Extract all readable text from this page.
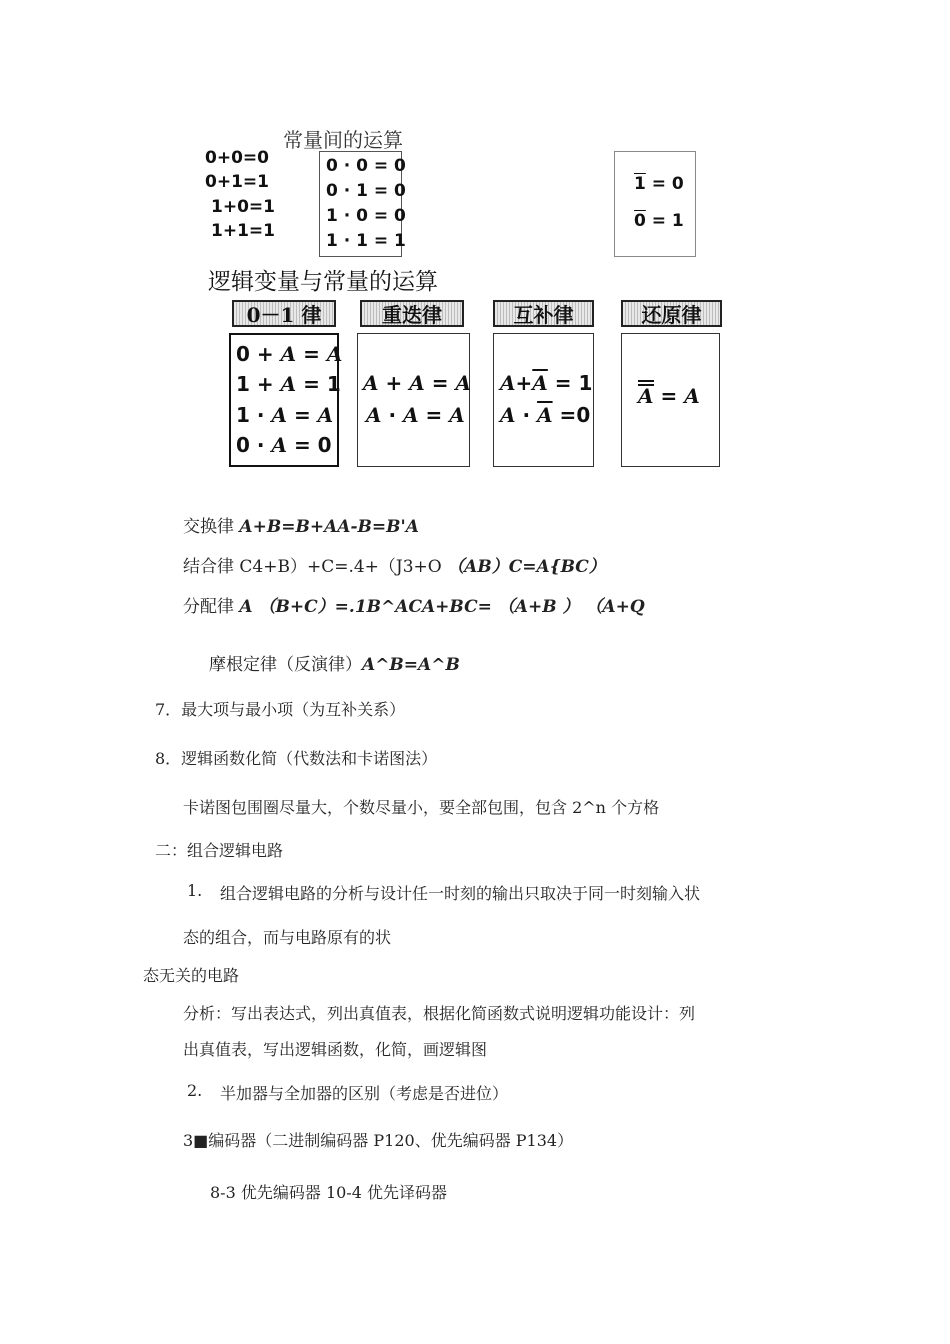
常量间的运算
0+0=0
0+1=1
1+0=1
1+1=1
0 · 0 = 0
0 · 1 = 0
1 · 0 = 0
1 · 1 = 1
1 = 0
0 = 1
逻辑变量与常量的运算
0－1 律	重迭律	互补律	还原律
0 + A = A
1 + A = 1
1 · A = A
0 · A = 0
A + A = A
A · A = A
$A+\overline{A} = 1$
$A \cdot \overline{A} =0$
A = A
交换律 A+B=B+AA-B=B'A
结合律 C4+B）+C=.4+（J3+O （AB）C=A{BC）
分配律 A （B+C）=.1B^ACA+BC= （A+B ） （A+Q
摩根定律（反演律）A^B=A^B
7．最大项与最小项（为互补关系）
8．逻辑函数化简（代数法和卡诺图法）
卡诺图包围圈尽量大，个数尽量小，要全部包围，包含 2^n 个方格
二：组合逻辑电路
1. 组合逻辑电路的分析与设计任一时刻的输出只取决于同一时刻输入状
态的组合，而与电路原有的状
态无关的电路
分析：写出表达式，列出真值表，根据化简函数式说明逻辑功能设计：列
出真值表，写出逻辑函数，化简，画逻辑图
2. 半加器与全加器的区别（考虑是否进位）
3■编码器（二进制编码器 P120、优先编码器 P134）
8-3 优先编码器 10-4 优先译码器
